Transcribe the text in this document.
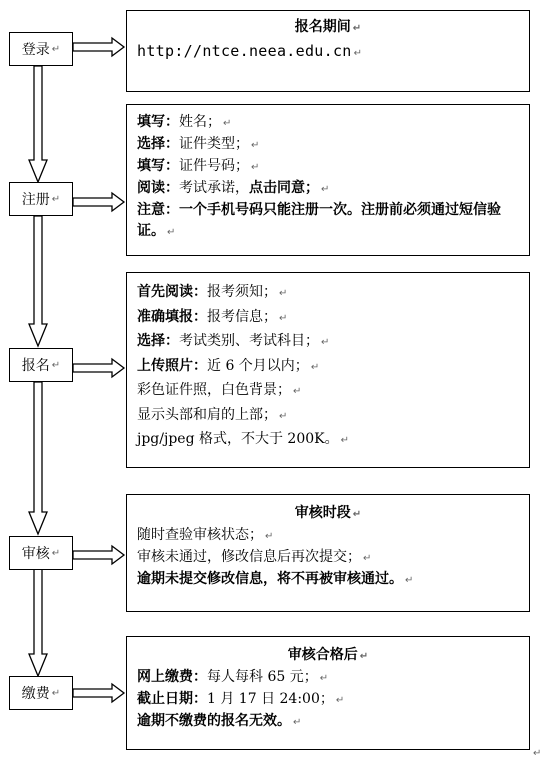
登录 ↵
注册 ↵
报名 ↵
审核 ↵
缴费 ↵
报名期间 ↵
http://ntce.neea.edu.cn ↵
填写：姓名； ↵
选择：证件类型； ↵
填写：证件号码； ↵
阅读：考试承诺，点击同意； ↵
注意：一个手机号码只能注册一次。注册前必须通过短信验证。 ↵
首先阅读：报考须知； ↵
准确填报：报考信息； ↵
选择：考试类别、考试科目； ↵
上传照片：近 6 个月以内； ↵
彩色证件照，白色背景； ↵
显示头部和肩的上部； ↵
jpg/jpeg 格式，不大于 200K。 ↵
审核时段 ↵
随时查验审核状态； ↵
审核未通过，修改信息后再次提交； ↵
逾期未提交修改信息，将不再被审核通过。 ↵
审核合格后 ↵
网上缴费：每人每科 65 元； ↵
截止日期：1 月 17 日 24:00； ↵
逾期不缴费的报名无效。 ↵
↵
